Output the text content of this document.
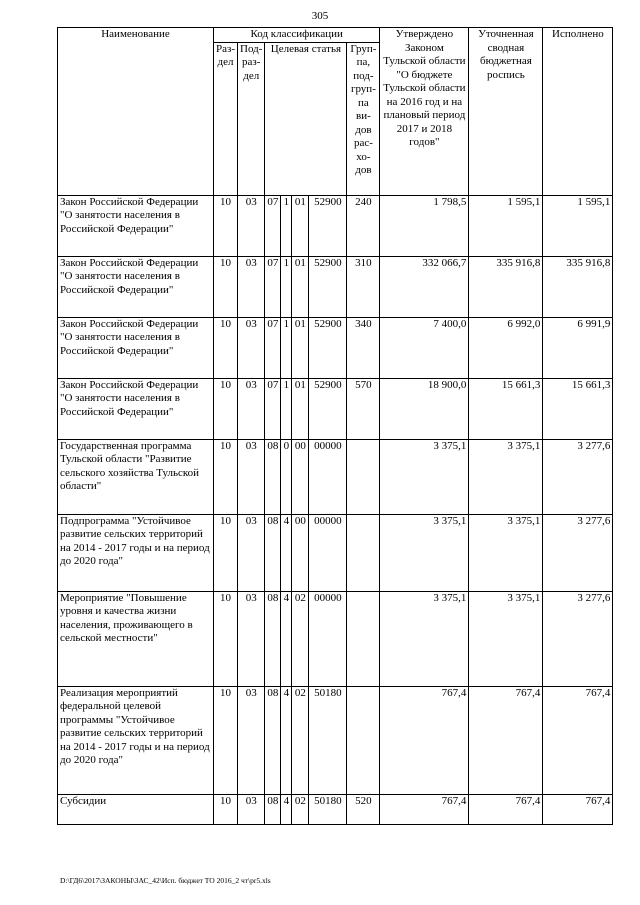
305
Наименование	Код классификации							Утверждено Законом Тульской области "О бюджете Тульской области на 2016 год и на плановый период 2017 и 2018 годов"	Уточненная сводная бюджетная роспись	Исполнено
	Раз-дел	Под-раз-дел	Целевая статья				Груп-па, под-груп-па ви-дов рас-хо-дов			
Закон Российской Федерации "О занятости населения в Российской Федерации"	10	03	07	1	01	52900	240	1 798,5	1 595,1	1 595,1
Закон Российской Федерации "О занятости населения в Российской Федерации"	10	03	07	1	01	52900	310	332 066,7	335 916,8	335 916,8
Закон Российской Федерации "О занятости населения в Российской Федерации"	10	03	07	1	01	52900	340	7 400,0	6 992,0	6 991,9
Закон Российской Федерации "О занятости населения в Российской Федерации"	10	03	07	1	01	52900	570	18 900,0	15 661,3	15 661,3
Государственная программа Тульской области "Развитие сельского хозяйства Тульской области"	10	03	08	0	00	00000		3 375,1	3 375,1	3 277,6
Подпрограмма "Устойчивое развитие сельских территорий на 2014 - 2017 годы и на период до 2020 года"	10	03	08	4	00	00000		3 375,1	3 375,1	3 277,6
Мероприятие "Повышение уровня и качества жизни населения, проживающего в сельской местности"	10	03	08	4	02	00000		3 375,1	3 375,1	3 277,6
Реализация мероприятий федеральной целевой программы "Устойчивое развитие сельских территорий на 2014 - 2017 годы и на период до 2020 года"	10	03	08	4	02	50180		767,4	767,4	767,4
Субсидии	10	03	08	4	02	50180	520	767,4	767,4	767,4
D:\ГД6\2017\ЗАКОНЫ\ЗАС_42\Исп. бюджет ТО 2016_2 чт\pr5.xls
